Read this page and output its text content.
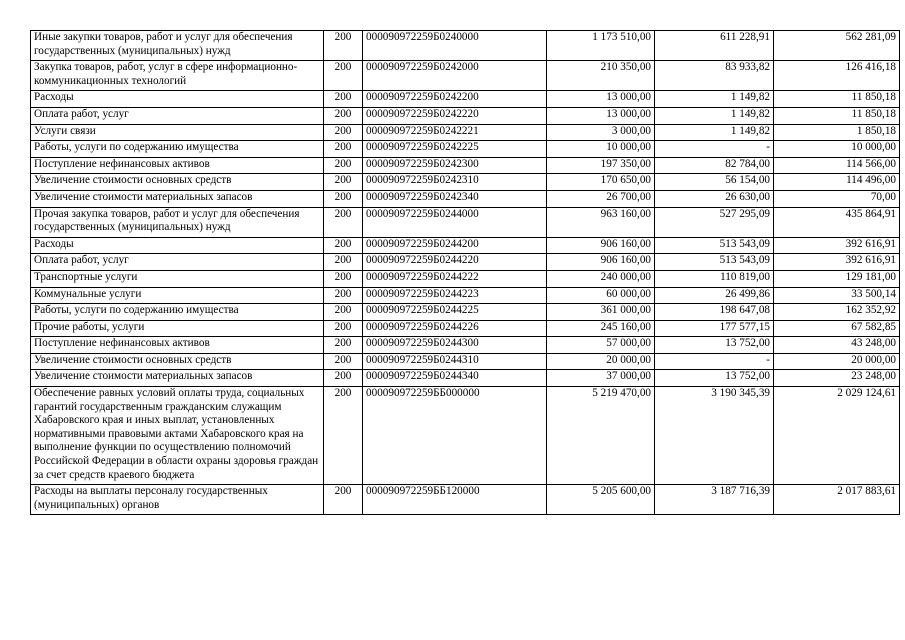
Иные закупки товаров, работ и услуг для обеспечения государственных (муниципальных) нужд	200	000090972259Б0240000	1 173 510,00	611 228,91	562 281,09
Закупка товаров, работ, услуг в сфере информационно-коммуникационных технологий	200	000090972259Б0242000	210 350,00	83 933,82	126 416,18
Расходы	200	000090972259Б0242200	13 000,00	1 149,82	11 850,18
Оплата работ, услуг	200	000090972259Б0242220	13 000,00	1 149,82	11 850,18
Услуги связи	200	000090972259Б0242221	3 000,00	1 149,82	1 850,18
Работы, услуги по содержанию имущества	200	000090972259Б0242225	10 000,00	-	10 000,00
Поступление нефинансовых активов	200	000090972259Б0242300	197 350,00	82 784,00	114 566,00
Увеличение стоимости основных средств	200	000090972259Б0242310	170 650,00	56 154,00	114 496,00
Увеличение стоимости материальных запасов	200	000090972259Б0242340	26 700,00	26 630,00	70,00
Прочая закупка товаров, работ и услуг для обеспечения государственных (муниципальных) нужд	200	000090972259Б0244000	963 160,00	527 295,09	435 864,91
Расходы	200	000090972259Б0244200	906 160,00	513 543,09	392 616,91
Оплата работ, услуг	200	000090972259Б0244220	906 160,00	513 543,09	392 616,91
Транспортные услуги	200	000090972259Б0244222	240 000,00	110 819,00	129 181,00
Коммунальные услуги	200	000090972259Б0244223	60 000,00	26 499,86	33 500,14
Работы, услуги по содержанию имущества	200	000090972259Б0244225	361 000,00	198 647,08	162 352,92
Прочие работы, услуги	200	000090972259Б0244226	245 160,00	177 577,15	67 582,85
Поступление нефинансовых активов	200	000090972259Б0244300	57 000,00	13 752,00	43 248,00
Увеличение стоимости основных средств	200	000090972259Б0244310	20 000,00	-	20 000,00
Увеличение стоимости материальных запасов	200	000090972259Б0244340	37 000,00	13 752,00	23 248,00
Обеспечение равных условий оплаты труда, социальных гарантий государственным гражданским служащим Хабаровского края и иных выплат, установленных нормативными правовыми актами Хабаровского края на выполнение функции по осуществлению полномочий Российской Федерации в области охраны здоровья граждан за счет средств краевого бюджета	200	000090972259ББ000000	5 219 470,00	3 190 345,39	2 029 124,61
Расходы на выплаты персоналу государственных (муниципальных) органов	200	000090972259ББ120000	5 205 600,00	3 187 716,39	2 017 883,61
